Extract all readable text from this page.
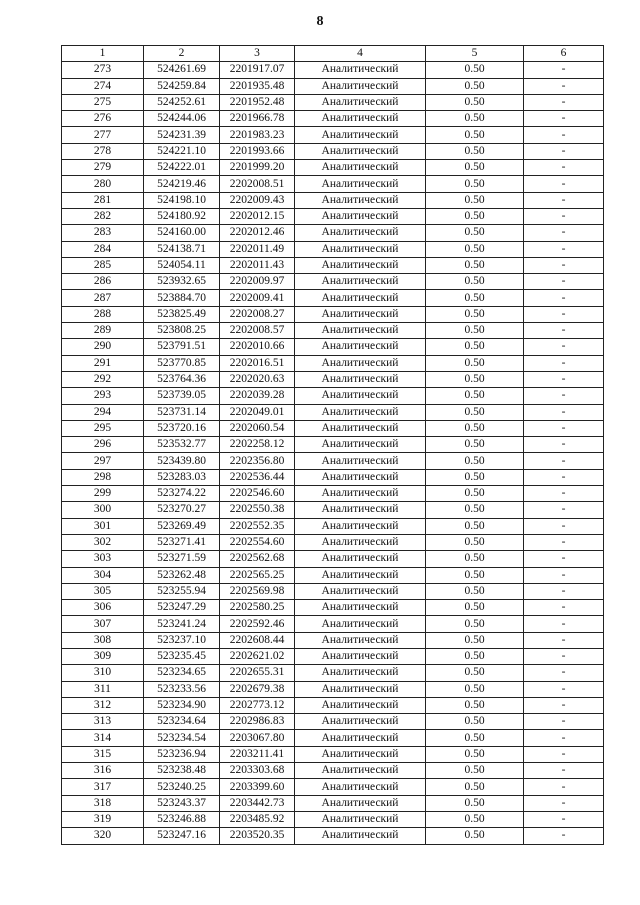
8
1	2	3	4	5	6
273	524261.69	2201917.07	Аналитический	0.50	-
274	524259.84	2201935.48	Аналитический	0.50	-
275	524252.61	2201952.48	Аналитический	0.50	-
276	524244.06	2201966.78	Аналитический	0.50	-
277	524231.39	2201983.23	Аналитический	0.50	-
278	524221.10	2201993.66	Аналитический	0.50	-
279	524222.01	2201999.20	Аналитический	0.50	-
280	524219.46	2202008.51	Аналитический	0.50	-
281	524198.10	2202009.43	Аналитический	0.50	-
282	524180.92	2202012.15	Аналитический	0.50	-
283	524160.00	2202012.46	Аналитический	0.50	-
284	524138.71	2202011.49	Аналитический	0.50	-
285	524054.11	2202011.43	Аналитический	0.50	-
286	523932.65	2202009.97	Аналитический	0.50	-
287	523884.70	2202009.41	Аналитический	0.50	-
288	523825.49	2202008.27	Аналитический	0.50	-
289	523808.25	2202008.57	Аналитический	0.50	-
290	523791.51	2202010.66	Аналитический	0.50	-
291	523770.85	2202016.51	Аналитический	0.50	-
292	523764.36	2202020.63	Аналитический	0.50	-
293	523739.05	2202039.28	Аналитический	0.50	-
294	523731.14	2202049.01	Аналитический	0.50	-
295	523720.16	2202060.54	Аналитический	0.50	-
296	523532.77	2202258.12	Аналитический	0.50	-
297	523439.80	2202356.80	Аналитический	0.50	-
298	523283.03	2202536.44	Аналитический	0.50	-
299	523274.22	2202546.60	Аналитический	0.50	-
300	523270.27	2202550.38	Аналитический	0.50	-
301	523269.49	2202552.35	Аналитический	0.50	-
302	523271.41	2202554.60	Аналитический	0.50	-
303	523271.59	2202562.68	Аналитический	0.50	-
304	523262.48	2202565.25	Аналитический	0.50	-
305	523255.94	2202569.98	Аналитический	0.50	-
306	523247.29	2202580.25	Аналитический	0.50	-
307	523241.24	2202592.46	Аналитический	0.50	-
308	523237.10	2202608.44	Аналитический	0.50	-
309	523235.45	2202621.02	Аналитический	0.50	-
310	523234.65	2202655.31	Аналитический	0.50	-
311	523233.56	2202679.38	Аналитический	0.50	-
312	523234.90	2202773.12	Аналитический	0.50	-
313	523234.64	2202986.83	Аналитический	0.50	-
314	523234.54	2203067.80	Аналитический	0.50	-
315	523236.94	2203211.41	Аналитический	0.50	-
316	523238.48	2203303.68	Аналитический	0.50	-
317	523240.25	2203399.60	Аналитический	0.50	-
318	523243.37	2203442.73	Аналитический	0.50	-
319	523246.88	2203485.92	Аналитический	0.50	-
320	523247.16	2203520.35	Аналитический	0.50	-
